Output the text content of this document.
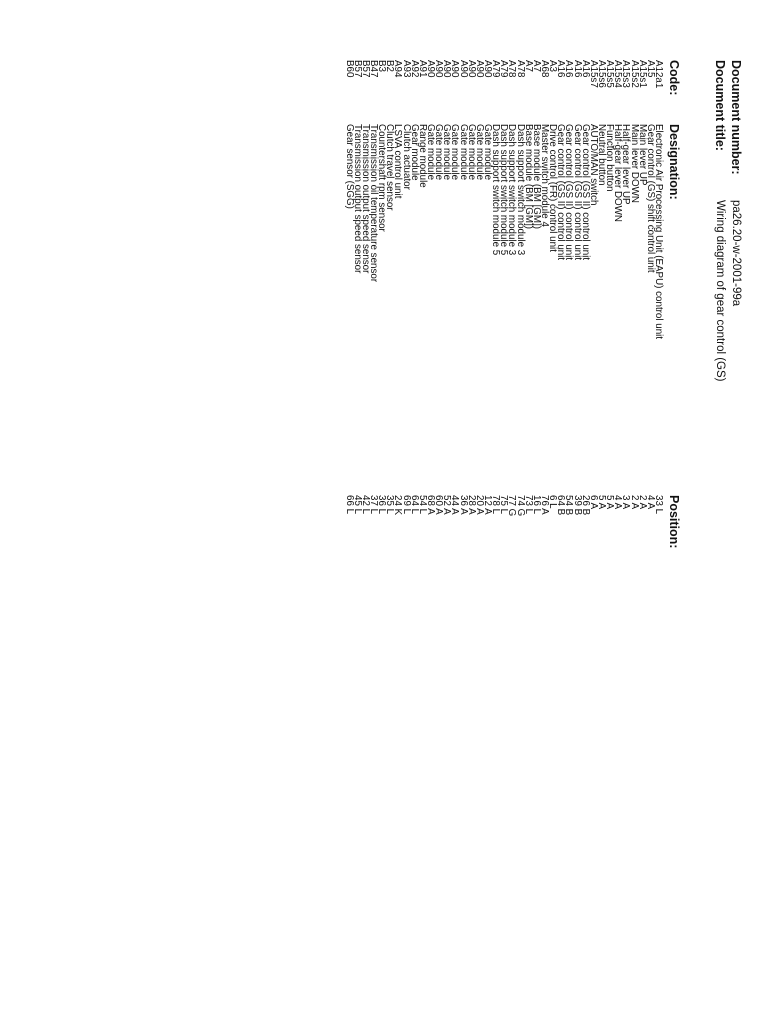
Document number:
pa26.20-w-2001-99a
Document title:
Wiring diagram of gear control (GS)
Code:
Designation:
Position:
A12a1
Electronic Air Processing Unit (EAPU) control unit
33 L
A15
Gear control (GS) shift control unit
4 A
A15s1
Main lever UP
2 A
A15s2
Main lever DOWN
2 A
A15s3
Half-gear lever UP
3 A
A15s4
Half-gear lever DOWN
4 A
A15s5
Function button
5 A
A15s6
Neutral button
5 A
A15s7
AUTO/MAN switch
6 A
A16
Gear control (GS II) control unit
26 B
A16
Gear control (GS II) control unit
39 B
A16
Gear control (GS II) control unit
54 B
A16
Gear control (GS II) control unit
64 B
A3
Drive control (FR) control unit
6 L
A68
Master switch module 4
76 A
A7
Base module (BM [GM])
16 L
A7
Base module (BM [GM])
73 L
A78
Dash support switch module 3
74 G
A78
Dash support switch module 3
77 G
A79
Dash support switch module 5
75 L
A79
Dash support switch module 5
78 L
A90
Gate module
12 A
A90
Gate module
20 A
A90
Gate module
28 A
A90
Gate module
36 A
A90
Gate module
44 A
A90
Gate module
52 A
A90
Gate module
60 A
A90
Gate module
68 A
A91
Range module
54 L
A92
Gear module
64 L
A93
Clutch actuator
69 L
A94
LSVA control unit
24 K
B2
Clutch travel sensor
35 L
B3
Countershaft rpm sensor
36 L
B47
Transmission oil temperature sensor
37 L
B57
Transmission output speed sensor
42 L
B57
Transmission output speed sensor
45 L
B60
Gear sensor (SGG)
66 L
